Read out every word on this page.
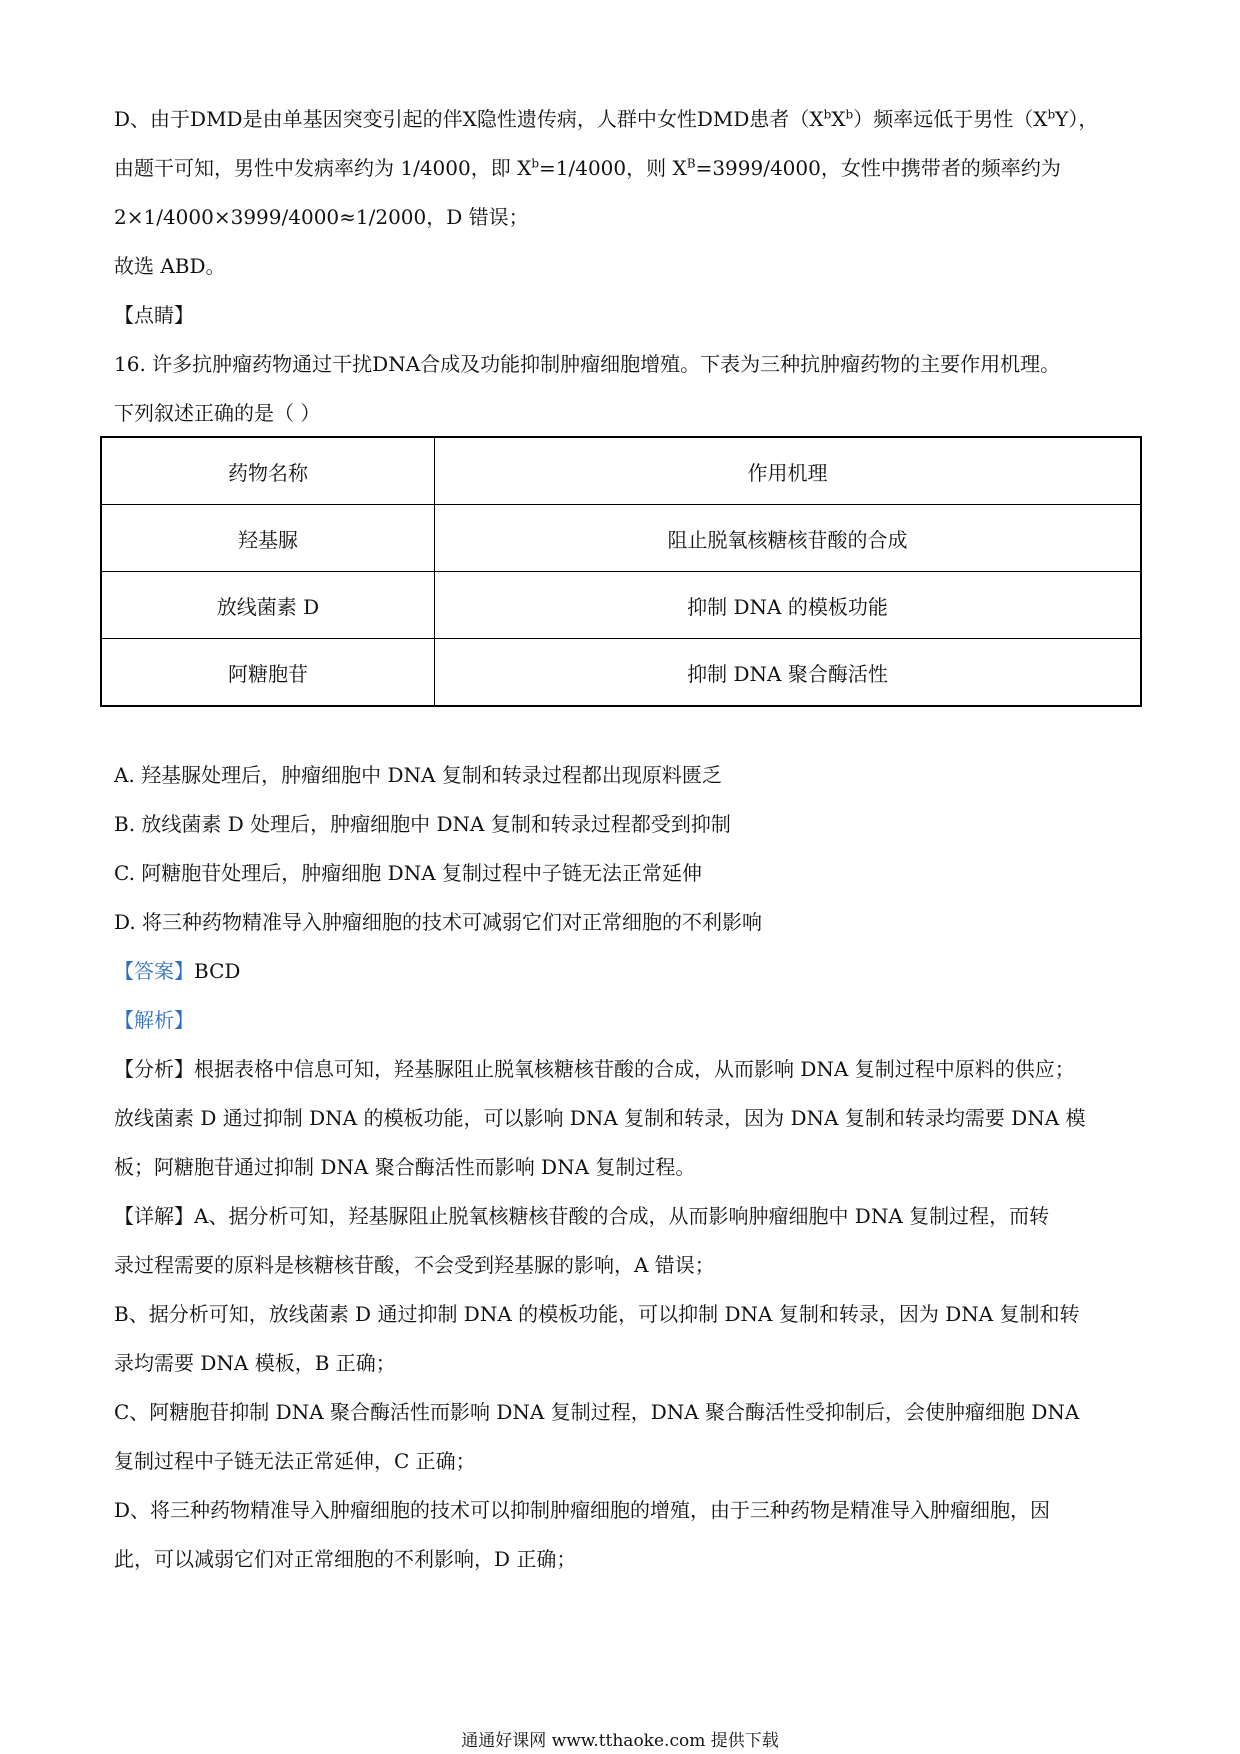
D、由于DMD是由单基因突变引起的伴X隐性遗传病，人群中女性DMD患者$(X^bX^b)$频率远低于男性$(X^bY)$，
由题干可知，男性中发病率约为 1/4000，即 $X^b=1/4000$，则 $X^B=3999/4000$，女性中携带者的频率约为
2×1/4000×3999/4000≈1/2000，D 错误；
故选 ABD。
【点睛】
16. 许多抗肿瘤药物通过干扰DNA合成及功能抑制肿瘤细胞增殖。下表为三种抗肿瘤药物的主要作用机理。
下列叙述正确的是（ ）
药物名称	作用机理
羟基脲	阻止脱氧核糖核苷酸的合成
放线菌素 D	抑制 DNA 的模板功能
阿糖胞苷	抑制 DNA 聚合酶活性
A. 羟基脲处理后，肿瘤细胞中 DNA 复制和转录过程都出现原料匮乏
B. 放线菌素 D 处理后，肿瘤细胞中 DNA 复制和转录过程都受到抑制
C. 阿糖胞苷处理后，肿瘤细胞 DNA 复制过程中子链无法正常延伸
D. 将三种药物精准导入肿瘤细胞的技术可减弱它们对正常细胞的不利影响
【答案】BCD
【解析】
【分析】根据表格中信息可知，羟基脲阻止脱氧核糖核苷酸的合成，从而影响 DNA 复制过程中原料的供应；
放线菌素 D 通过抑制 DNA 的模板功能，可以影响 DNA 复制和转录，因为 DNA 复制和转录均需要 DNA 模
板；阿糖胞苷通过抑制 DNA 聚合酶活性而影响 DNA 复制过程。
【详解】A、据分析可知，羟基脲阻止脱氧核糖核苷酸的合成，从而影响肿瘤细胞中 DNA 复制过程，而转
录过程需要的原料是核糖核苷酸，不会受到羟基脲的影响，A 错误；
B、据分析可知，放线菌素 D 通过抑制 DNA 的模板功能，可以抑制 DNA 复制和转录，因为 DNA 复制和转
录均需要 DNA 模板，B 正确；
C、阿糖胞苷抑制 DNA 聚合酶活性而影响 DNA 复制过程，DNA 聚合酶活性受抑制后，会使肿瘤细胞 DNA
复制过程中子链无法正常延伸，C 正确；
D、将三种药物精准导入肿瘤细胞的技术可以抑制肿瘤细胞的增殖，由于三种药物是精准导入肿瘤细胞，因
此，可以减弱它们对正常细胞的不利影响，D 正确；
通通好课网 www.tthaoke.com 提供下载
